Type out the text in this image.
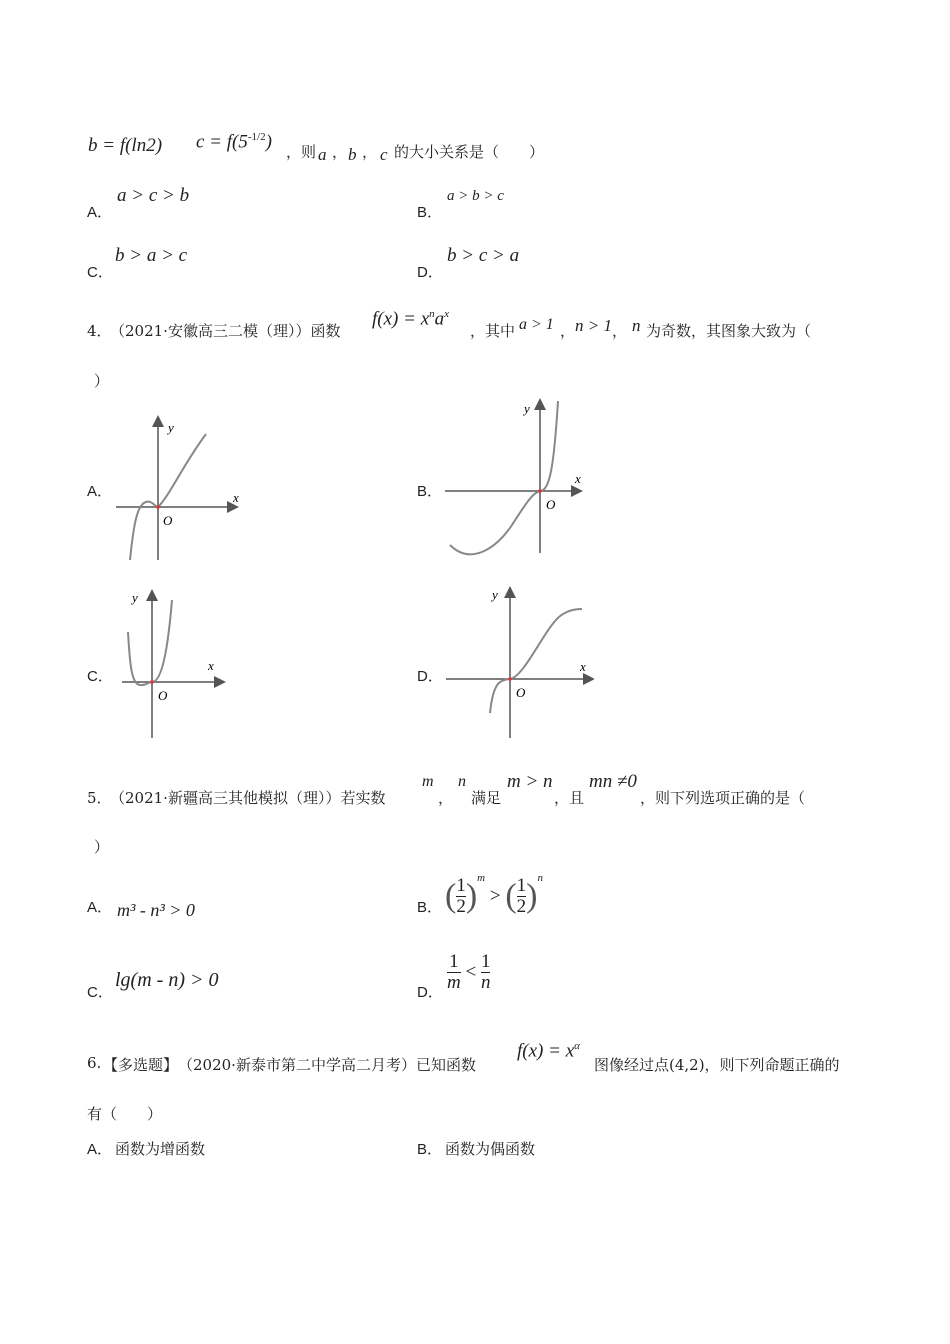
b = f(ln2) $c = f(5^{-1/2})$ ，则 a ， b ， c 的大小关系是（　　）
A．
a > c > b
B．
a > b > c
C．
b > a > c
D．
b > c > a
4．
（2021·安徽高三二模（理））函数
$f(x) = x^na^x$
，其中 a > 1 ， n > 1 ， n 为奇数，其图象大致为（
）
A．	B．
C．	D．
y
x
O
y
x
O
y
x
O
y
x
O
5．
（2021·新疆高三其他模拟（理））若实数
m
，
n
满足
m > n
，且
mn ≠0
，则下列选项正确的是（
）
A． m³ - n³ > 0	B． ( $\frac{1}{2} )^m$ > ( $\frac{1}{2} )^n$
C．
lg(m - n) > 0
D． $\frac{1}{m} < \frac{1}{n}$
6. 【多选题】 （2020·新泰市第二中学高二月考）已知函数
$f(x) = x^\alpha$
图像经过点(4,2)，则下列命题正确的
有（　　）
A． 函数为增函数	B． 函数为偶函数
